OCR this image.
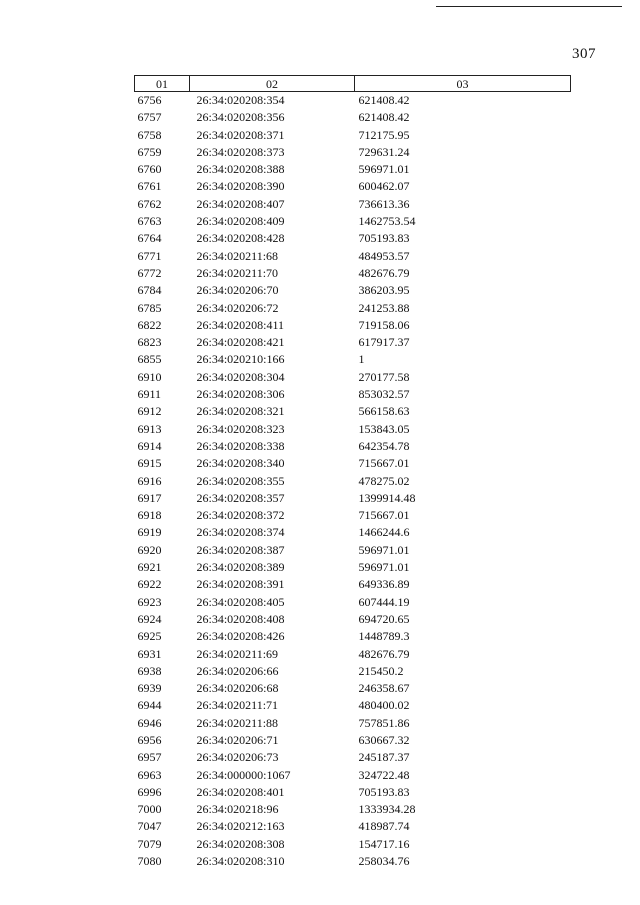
307
01	02	03
6756	26:34:020208:354	621408.42
6757	26:34:020208:356	621408.42
6758	26:34:020208:371	712175.95
6759	26:34:020208:373	729631.24
6760	26:34:020208:388	596971.01
6761	26:34:020208:390	600462.07
6762	26:34:020208:407	736613.36
6763	26:34:020208:409	1462753.54
6764	26:34:020208:428	705193.83
6771	26:34:020211:68	484953.57
6772	26:34:020211:70	482676.79
6784	26:34:020206:70	386203.95
6785	26:34:020206:72	241253.88
6822	26:34:020208:411	719158.06
6823	26:34:020208:421	617917.37
6855	26:34:020210:166	1
6910	26:34:020208:304	270177.58
6911	26:34:020208:306	853032.57
6912	26:34:020208:321	566158.63
6913	26:34:020208:323	153843.05
6914	26:34:020208:338	642354.78
6915	26:34:020208:340	715667.01
6916	26:34:020208:355	478275.02
6917	26:34:020208:357	1399914.48
6918	26:34:020208:372	715667.01
6919	26:34:020208:374	1466244.6
6920	26:34:020208:387	596971.01
6921	26:34:020208:389	596971.01
6922	26:34:020208:391	649336.89
6923	26:34:020208:405	607444.19
6924	26:34:020208:408	694720.65
6925	26:34:020208:426	1448789.3
6931	26:34:020211:69	482676.79
6938	26:34:020206:66	215450.2
6939	26:34:020206:68	246358.67
6944	26:34:020211:71	480400.02
6946	26:34:020211:88	757851.86
6956	26:34:020206:71	630667.32
6957	26:34:020206:73	245187.37
6963	26:34:000000:1067	324722.48
6996	26:34:020208:401	705193.83
7000	26:34:020218:96	1333934.28
7047	26:34:020212:163	418987.74
7079	26:34:020208:308	154717.16
7080	26:34:020208:310	258034.76
